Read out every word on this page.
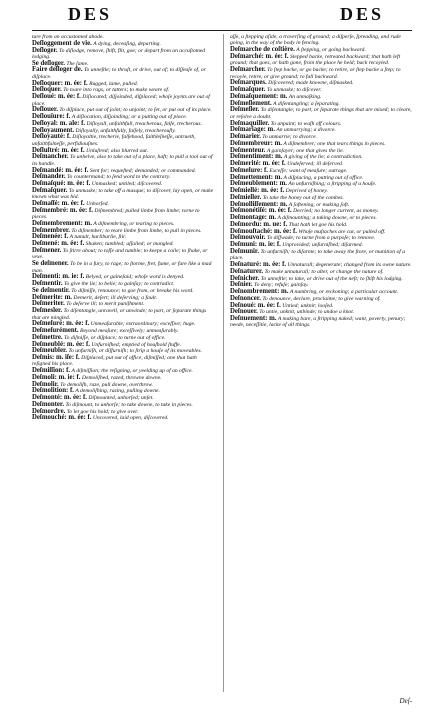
DES	DES

ture from an accustomed abode.

Deſloggement de vie. A dying, deceaſing, departing.

Deſloger. To diſlodge, remove, ſhift, flit, goe; or depart from an accuſtomed lodging.

Se deſloger. The ſame.

Faire deſloger de. To unneſtle; to thruſt, or drive, out of; to diſſeaſe of, or diſplace.

Deſloquer: m. ée: f. Rugged, lame, pulled.

Deſloquer. To toare into rags, or tatters; to make weare of.

Deſloué: m. ée: f. Diſlocated; diſjoinded, diſplaced; whoſe joynts are out of place.

Deſlouer. To diſplace, put out of joint; to unjoint; to ſet, or put out of its place.

Deſlouïure: f. A diſlocation, diſjoinding; or a putting out of place.

Deſloyal: m. ale: f. Diſloyall, unfaithfull, treacherous, falſe, trecherous.

Deſloyaument. Diſloyally, unfaithfully, falſely, treacherouſly.

Deſloyauté: f. Diſloyaltie, trecherie, falſehood, faithleſneſſe, untrueth, unfaithfulneſſe, perfidiouſnes.

Deſluſtré: m. ée: f. Unluſtred; also blurred out.

Deſmancher. To unhelve, also to take out of a place, haft; to pull a tool out of its handle.

Deſmandé: m. ée: f. Sent for; requeſted; demanded; or commanded.

Deſmander. To countermand; to ſend word to the contrary.

Deſmaſqué: m. ée: f. Unmasked; untiled; diſcovered.

Deſmaſquer. To unmaske; to take off a masque; to diſcover, lay open, or make known what was hid.

Deſmaſſé: m. ée: f. Unhorſed.

Deſmembré: m. ée: f. Diſmembred; pulled limbe from limbe; torne to pieces.

Deſmembrement: m. A diſmembring, or tearing to pieces.

Deſmembrer. To diſmember; to teare limbe from limbe, to pull in pieces.

Deſmenée: f. A tumult, hurliburlie, ſtir.

Deſmené: m. ée: f. Shaken; tumbled; aſſailed; or mangled.

Deſmener. To ſtirre about; to toſſe and tumble; to keepe a coile; to ſhake, or vexe.

Se deſmener. To be in a fury, to rage; to ſtorme, fret, fume, or fare like a mad man.

Deſmenti: m. ie: f. Belyed, or gaineſaid; whoſe word is denyed.

Deſmentir. To give the lie; to belie; to gainſay; to contradict.

Se deſmentir. To diſmiſſe, renounce; to goe from, or breake his word.

Deſmerite: m. Demerit, deſert; ill deſerving; a fault.

Deſmeriter. To deſerve ill; to merit puniſhment.

Deſmesler. To diſentangle, unravell, or unwinde; to part, or ſeparate things that are mingled.

Deſmeſuré: m. ée: f. Unmeaſurable; extraordinary; exceſſive; huge.

Deſmeſurément. Beyond meaſure; exceſſively; unmeaſurably.

Deſmettre. To diſmiſſe, or diſplace; to turne out of office.

Deſmeublé: m. ée: f. Unfurniſhed; emptied of houſhold ſtuffe.

Deſmeubler. To unfurniſh, or diſfurniſh; to ſtrip a houſe of its moveables.

Deſmis: m. iſe: f. Diſplaced, put out of office, diſmiſſed; one that hath reſigned his place.

Deſmiſſion: f. A diſmiſſion; the reſigning, or yeelding up of an office.

Deſmoli: m. ie: f. Demoliſhed, razed, throwne downe.

Deſmolir. To demoliſh, raze, pull downe, overthrow.

Deſmolition: f. A demoliſhing, razing, pulling downe.

Deſmonté: m. ée: f. Diſmounted, unhorſed; unſet.

Deſmonter. To diſmount, to unhorſe; to take downe, to take in pieces.

Deſmordre. To let goe his hold; to give over.

Deſmouché: m. ée: f. Uncovered, laid open, diſcovered.

aſſe, a ſtepping aſide, a traverſing of ground; a diſperſe, ſpreading, and rude going, in the way of the body in fencing.

Deſmarche de coſtière. A ſtepping, or going backward.

Deſmarché: m. ée: f. Stepped backe, retreated backward; that hath left ground; that goes, or hath gone, from the place he held; back recoyled.

Deſmarcher. To ſtep backe, or go backe; to retire, or ſtep backe a ſtep; to recoyle, retire, or give ground; to fall backward.

Deſmarques. Diſcovered; made knowne, diſmasked.

Deſmaſquer. To unmaske; to diſcover.

Deſmaſquement: m. An unmaſking.

Deſmeſlement. A diſentangling; a ſeparating.

Deſmeſler. To diſentangle; to part, or ſeparate things that are mixed; to cleare, or reſolve a doubt.

Deſmaquiller. To unpaint; to waſh off colours.

Deſmariage: m. An unmarrying; a divorce.

Deſmarier. To unmarrie; to divorce.

Deſmembreur: m. A diſmembrer; one that tears things in pieces.

Deſmenteur. A gainſayer; one that gives the lie.

Deſmentiment: m. A giving of the lie; a contradiction.

Deſmerité: m. ée: f. Undeſerved; ill deſerved.

Deſmeſure: f. Exceſſe; want of meaſure; outrage.

Deſmettement: m. A diſplacing, a putting out of office.

Deſmeublement: m. An unfurniſhing; a ſtripping of a houſe.

Deſmiellé: m. ée: f. Deprived of honey.

Deſmieller. To take the honey out of the combes.

Deſmolliſſement: m. A ſoftening, or making ſoft.

Deſmonétiſé: m. ée: f. Decried; no longer current, as money.

Deſmontage: m. A diſmounting; a taking downe, or to pieces.

Deſmordu: m. ue: f. That hath let goe his hold.

Deſmouſtaché: m. ée: f. Whoſe muſtaches are cut, or pulled off.

Deſmouvoir. To diſſwade; to turne from a purpoſe; to remove.

Deſmuni: m. ie: f. Unprovided; unfurniſhed; diſarmed.

Deſmunir. To unfurniſh; to diſarme; to take away the ſtore, or munition of a place.

Deſnaturé: m. ée: f. Unnaturall; degenerate; changed from its owne nature.

Deſnaturer. To make unnaturall; to alter, or change the nature of.

Deſnicher. To unneſtle; to take, or drive out of the neſt; to ſhift his lodging.

Deſnier. To deny; refuſe; gainſay.

Deſnombrement: m. A numbring, or reckoning; a particular account.

Deſnoncer. To denounce, declare, proclaime; to give warning of.

Deſnoué: m. ée: f. Untied; unknit; looſed.

Deſnouer. To untie, unknit, unbinde; to undoe a knot.

Deſnuement: m. A making bare, a ſtripping naked; want, poverty, penury; neede, neceſſitie, lacke of all things.

Deſ-
